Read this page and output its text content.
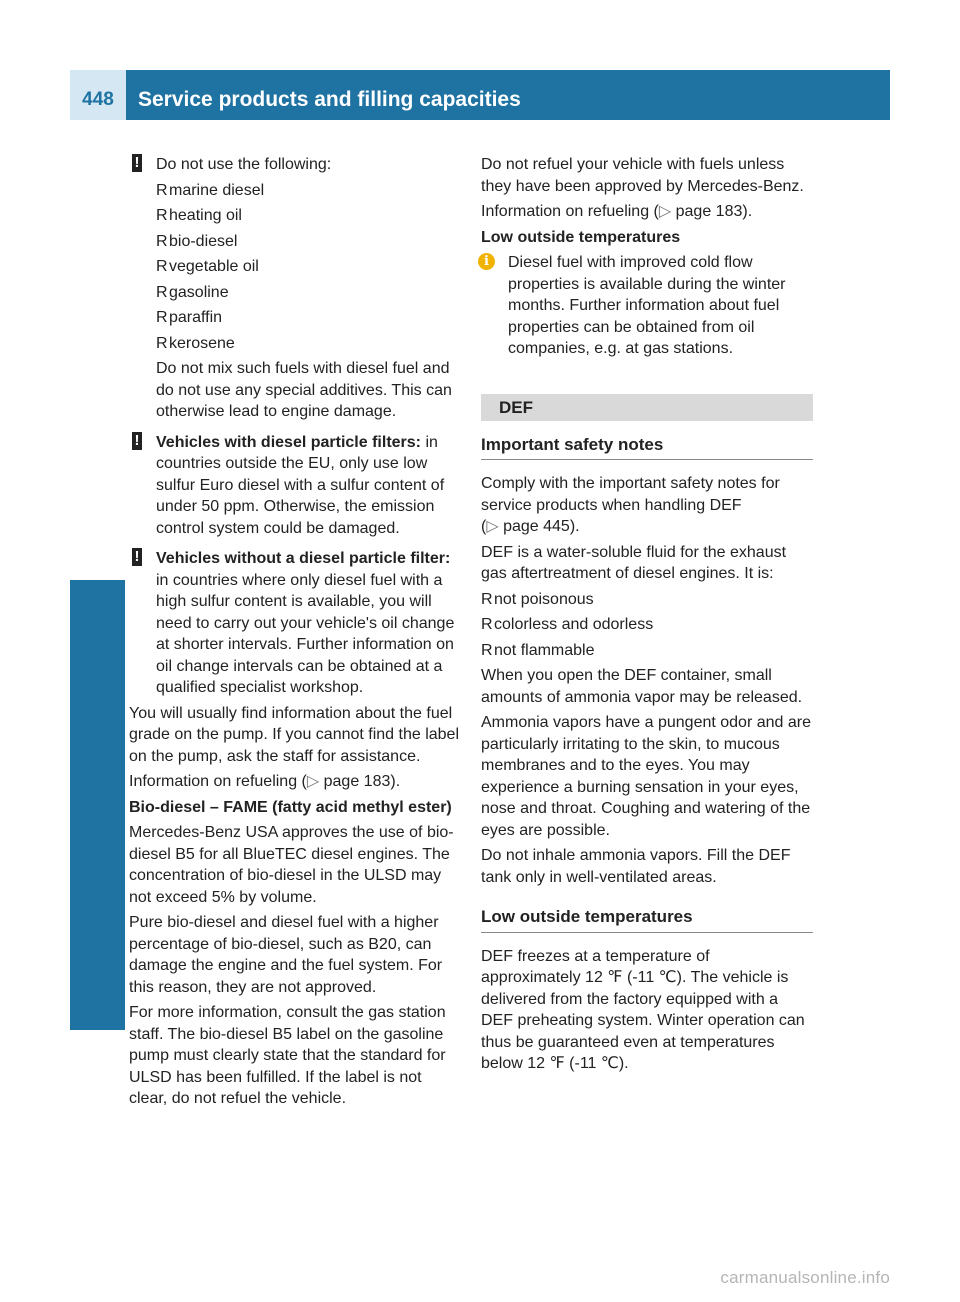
448	Service products and filling capacities
Technical data
! Do not use the following:

R marine diesel
R heating oil
R bio-diesel
R vegetable oil
R gasoline
R paraffin
R kerosene

Do not mix such fuels with diesel fuel and do not use any special additives. This can otherwise lead to engine damage.

! Vehicles with diesel particle filters: in countries outside the EU, only use low sulfur Euro diesel with a sulfur content of under 50 ppm. Otherwise, the emission control system could be damaged.

! Vehicles without a diesel particle filter: in countries where only diesel fuel with a high sulfur content is available, you will need to carry out your vehicle's oil change at shorter intervals. Further information on oil change intervals can be obtained at a qualified specialist workshop.

You will usually find information about the fuel grade on the pump. If you cannot find the label on the pump, ask the staff for assistance.

Information on refueling (▷ page 183).

Bio-diesel – FAME (fatty acid methyl ester)

Mercedes-Benz USA approves the use of bio-diesel B5 for all BlueTEC diesel engines. The concentration of bio-diesel in the ULSD may not exceed 5% by volume.

Pure bio-diesel and diesel fuel with a higher percentage of bio-diesel, such as B20, can damage the engine and the fuel system. For this reason, they are not approved.

For more information, consult the gas station staff. The bio-diesel B5 label on the gasoline pump must clearly state that the standard for ULSD has been fulfilled. If the label is not clear, do not refuel the vehicle.

Do not refuel your vehicle with fuels unless they have been approved by Mercedes-Benz.

Information on refueling (▷ page 183).

Low outside temperatures

i	Diesel fuel with improved cold flow properties is available during the winter months. Further information about fuel properties can be obtained from oil companies, e.g. at gas stations.

DEF
Important safety notes

Comply with the important safety notes for service products when handling DEF
(▷ page 445).

DEF is a water-soluble fluid for the exhaust gas aftertreatment of diesel engines. It is:

R not poisonous
R colorless and odorless
R not flammable

When you open the DEF container, small amounts of ammonia vapor may be released.

Ammonia vapors have a pungent odor and are particularly irritating to the skin, to mucous membranes and to the eyes. You may experience a burning sensation in your eyes, nose and throat. Coughing and watering of the eyes are possible.

Do not inhale ammonia vapors. Fill the DEF tank only in well-ventilated areas.

Low outside temperatures

DEF freezes at a temperature of approximately 12 ℉ (-11 ℃). The vehicle is delivered from the factory equipped with a DEF preheating system. Winter operation can thus be guaranteed even at temperatures below 12 ℉ (-11 ℃).

carmanualsonline.info
